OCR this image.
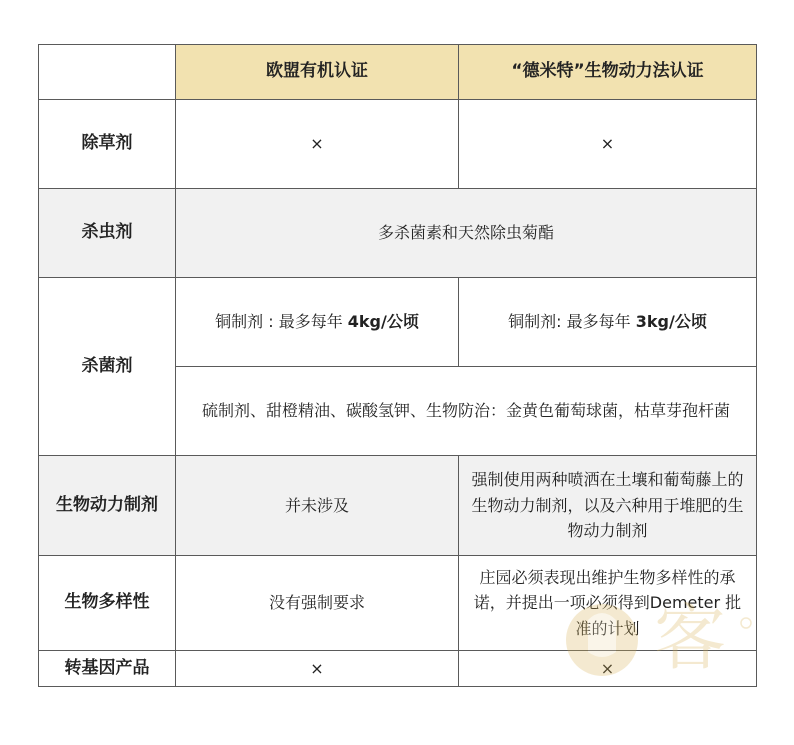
	欧盟有机认证	“德米特”生物动力法认证
除草剂	×	×
杀虫剂	多杀菌素和天然除虫菊酯	
杀菌剂	铜制剂 : 最多每年 4kg/公顷	铜制剂: 最多每年 3kg/公顷
	硫制剂、甜橙精油、碳酸氢钾、生物防治：金黄色葡萄球菌，枯草芽孢杆菌	
生物动力制剂	并未涉及	强制使用两种喷洒在土壤和葡萄藤上的生物动力制剂，以及六种用于堆肥的生物动力制剂
生物多样性	没有强制要求	庄园必须表现出维护生物多样性的承诺，并提出一项必须得到Demeter 批准的计划
转基因产品	×	× 客
